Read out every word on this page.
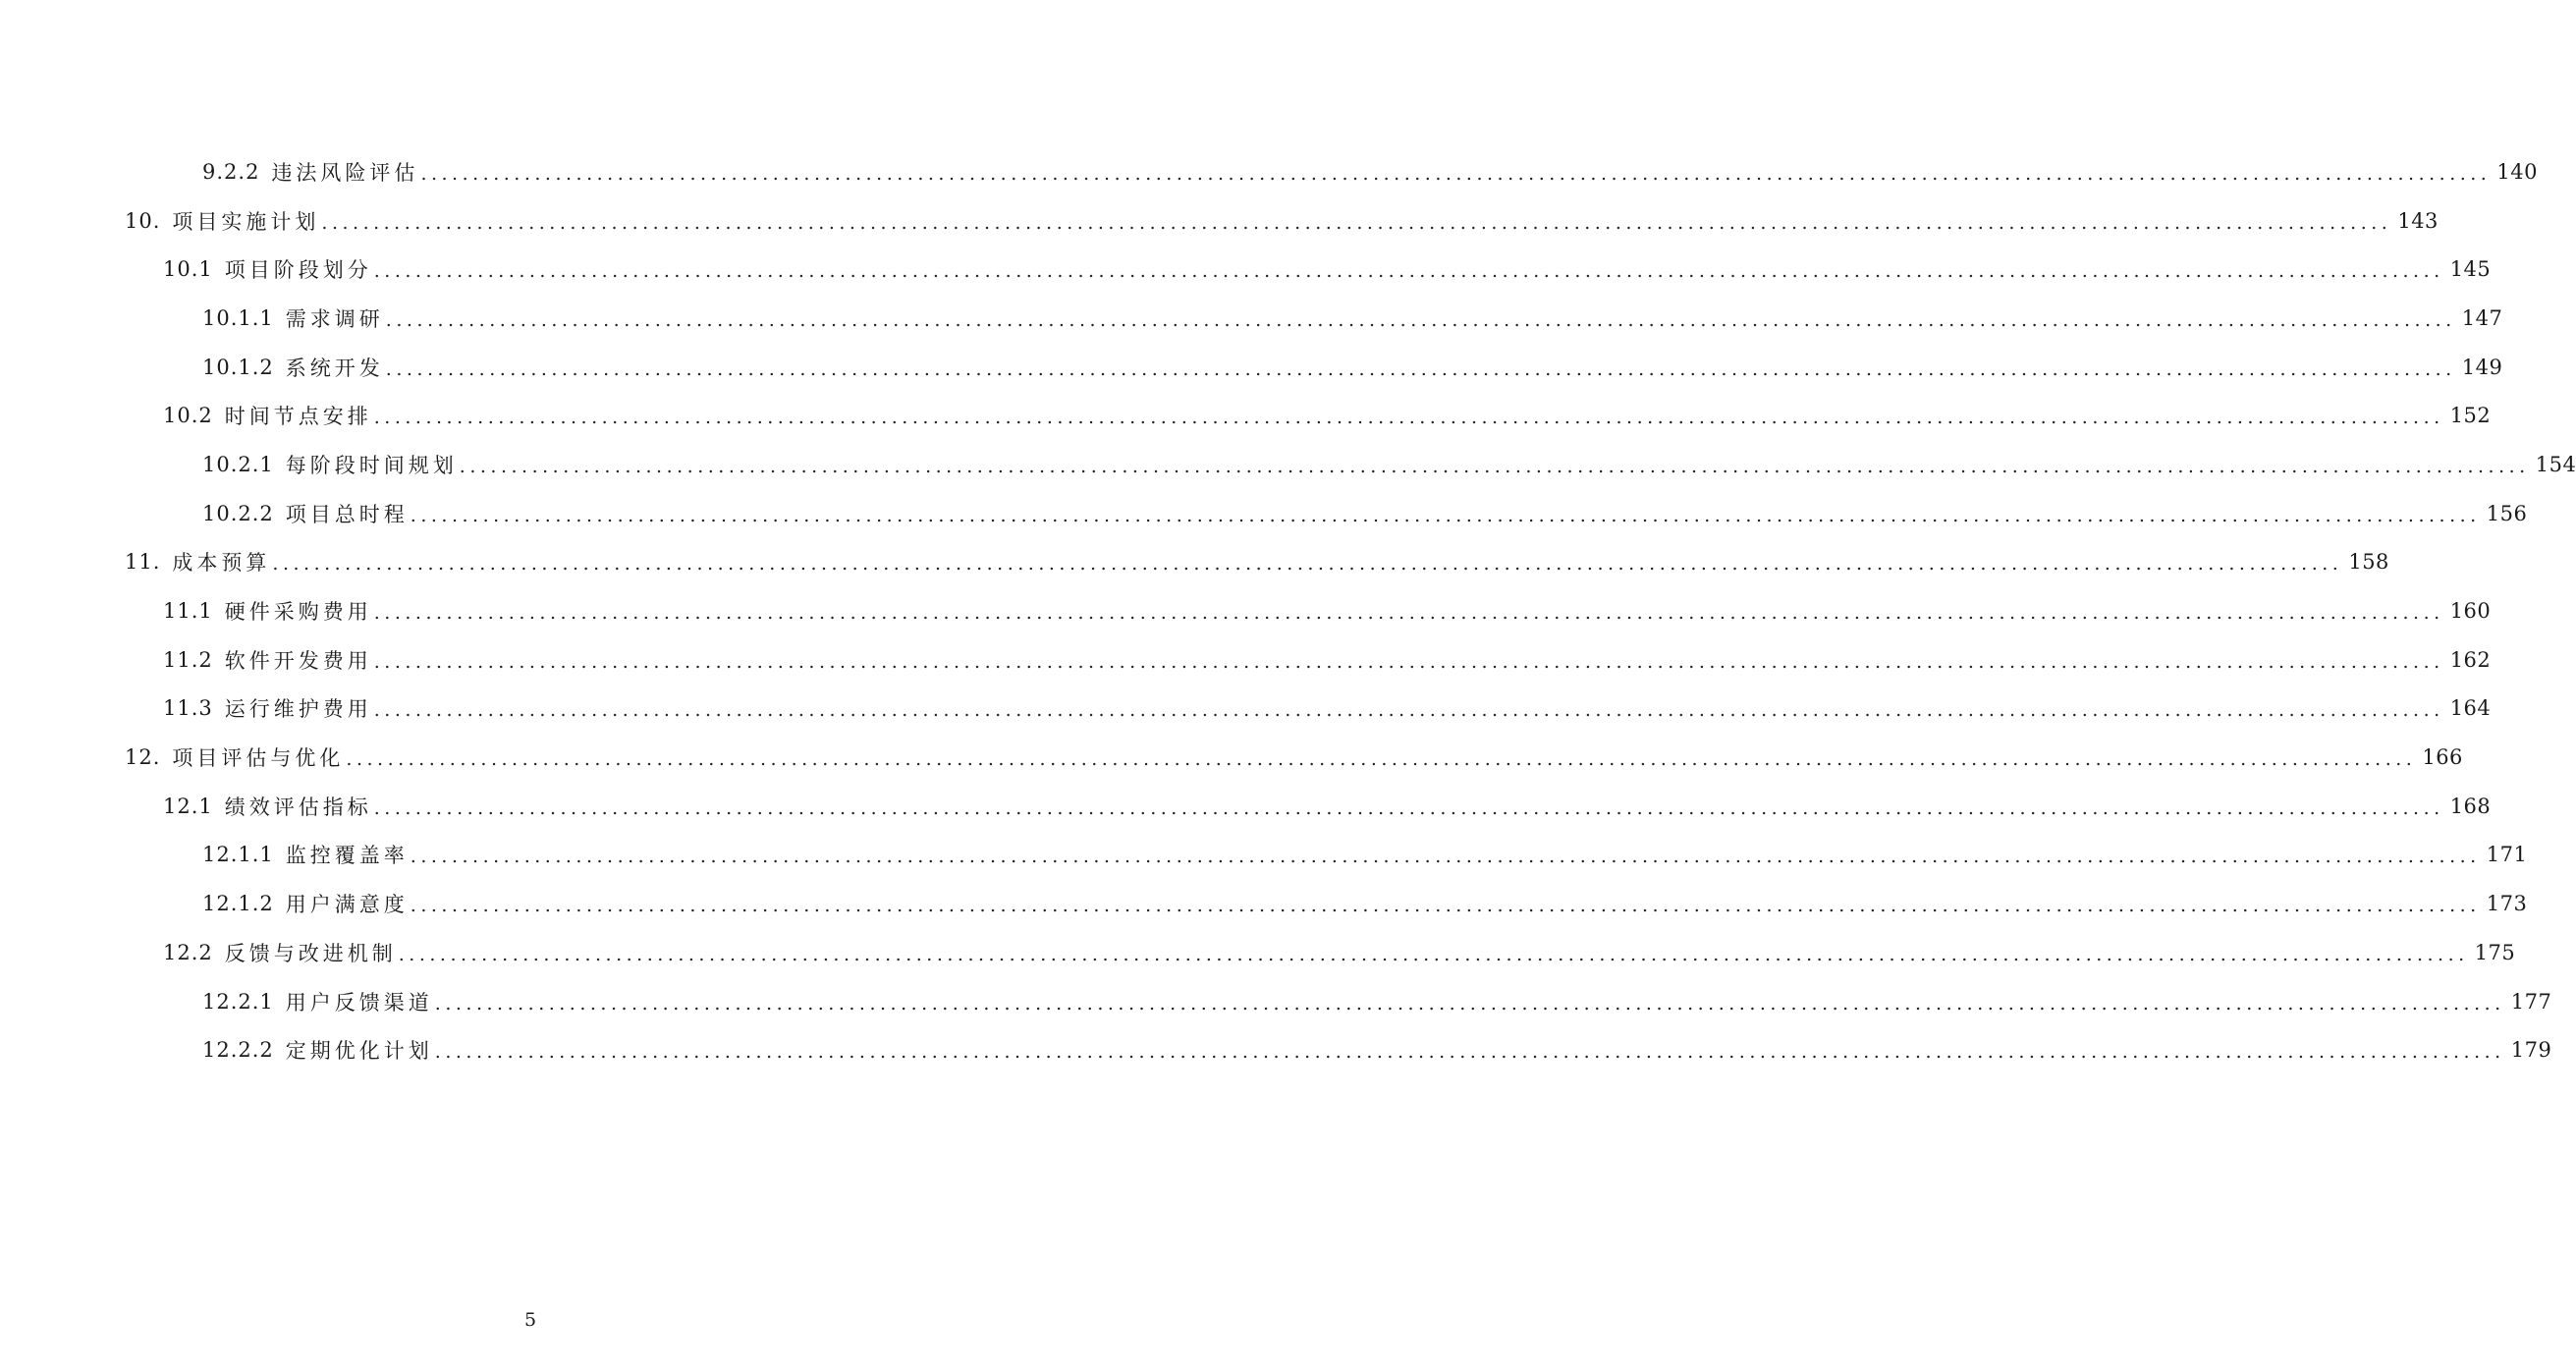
9.2.2 违法风险评估 ........................................................................................................................................................................................................ 140
10. 项目实施计划 ........................................................................................................................................................................................................ 143
10.1 项目阶段划分 ........................................................................................................................................................................................................ 145
10.1.1 需求调研 ........................................................................................................................................................................................................ 147
10.1.2 系统开发 ........................................................................................................................................................................................................ 149
10.2 时间节点安排 ........................................................................................................................................................................................................ 152
10.2.1 每阶段时间规划 ........................................................................................................................................................................................................ 154
10.2.2 项目总时程 ........................................................................................................................................................................................................ 156
11. 成本预算 ........................................................................................................................................................................................................ 158
11.1 硬件采购费用 ........................................................................................................................................................................................................ 160
11.2 软件开发费用 ........................................................................................................................................................................................................ 162
11.3 运行维护费用 ........................................................................................................................................................................................................ 164
12. 项目评估与优化 ........................................................................................................................................................................................................ 166
12.1 绩效评估指标 ........................................................................................................................................................................................................ 168
12.1.1 监控覆盖率 ........................................................................................................................................................................................................ 171
12.1.2 用户满意度 ........................................................................................................................................................................................................ 173
12.2 反馈与改进机制 ........................................................................................................................................................................................................ 175
12.2.1 用户反馈渠道 ........................................................................................................................................................................................................ 177
12.2.2 定期优化计划 ........................................................................................................................................................................................................ 179
5
